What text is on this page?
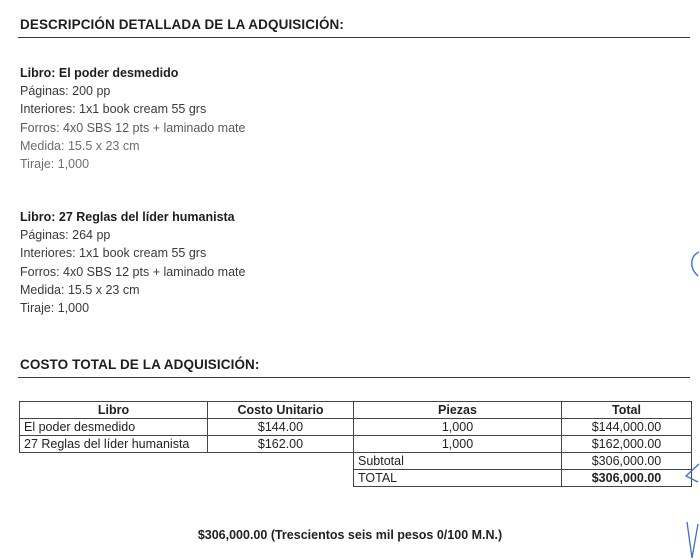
DESCRIPCIÓN DETALLADA DE LA ADQUISICIÓN:
Libro: El poder desmedido
Páginas: 200 pp
Interiores: 1x1 book cream 55 grs
Forros: 4x0 SBS 12 pts + laminado mate
Medida: 15.5 x 23 cm
Tiraje: 1,000
Libro: 27 Reglas del líder humanista
Páginas: 264 pp
Interiores: 1x1 book cream 55 grs
Forros: 4x0 SBS 12 pts + laminado mate
Medida: 15.5 x 23 cm
Tiraje: 1,000
COSTO TOTAL DE LA ADQUISICIÓN:
Libro	Costo Unitario	Piezas	Total
El poder desmedido	$144.00	1,000	$144,000.00
27 Reglas del líder humanista	$162.00	1,000	$162,000.00
		Subtotal	$306,000.00
		TOTAL	$306,000.00
$306,000.00 (Trescientos seis mil pesos 0/100 M.N.)
